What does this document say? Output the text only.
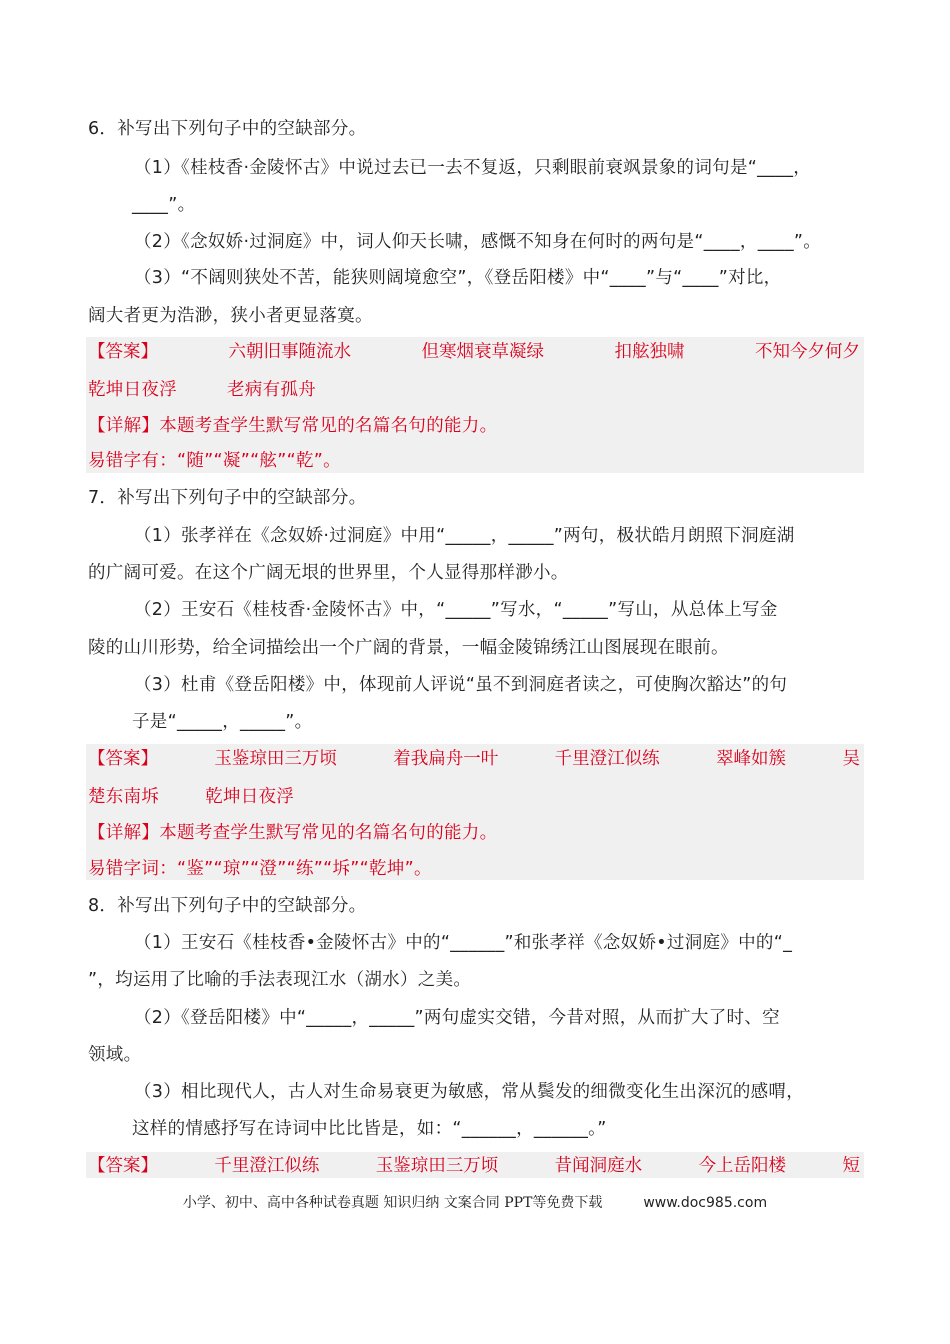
6．补写出下列句子中的空缺部分。
（1）《桂枝香·金陵怀古》中说过去已一去不复返，只剩眼前衰飒景象的词句是“____，
____”。
（2）《念奴娇·过洞庭》中，词人仰天长啸，感慨不知身在何时的两句是“____，____”。
（3）“不阔则狭处不苦，能狭则阔境愈空”，《登岳阳楼》中“____”与“____”对比，
阔大者更为浩渺，狭小者更显落寞。
【答案】	六朝旧事随流水	但寒烟衰草凝绿	扣舷独啸	不知今夕何夕
乾坤日夜浮	老病有孤舟
【详解】本题考查学生默写常见的名篇名句的能力。
易错字有：“随”“凝”“舷”“乾”。
7．补写出下列句子中的空缺部分。
（1）张孝祥在《念奴娇·过洞庭》中用“_____，_____”两句，极状皓月朗照下洞庭湖
的广阔可爱。在这个广阔无垠的世界里，个人显得那样渺小。
（2）王安石《桂枝香·金陵怀古》中，“_____”写水，“_____”写山，从总体上写金
陵的山川形势，给全词描绘出一个广阔的背景，一幅金陵锦绣江山图展现在眼前。
（3）杜甫《登岳阳楼》中，体现前人评说“虽不到洞庭者读之，可使胸次豁达”的句
子是“_____，_____”。
【答案】	玉鉴琼田三万顷	着我扁舟一叶	千里澄江似练	翠峰如簇	吴
楚东南坼	乾坤日夜浮
【详解】本题考查学生默写常见的名篇名句的能力。
易错字词：“鉴”“琼”“澄”“练”“坼”“乾坤”。
8．补写出下列句子中的空缺部分。
（1）王安石《桂枝香•金陵怀古》中的“______”和张孝祥《念奴娇•过洞庭》中的“_
”，均运用了比喻的手法表现江水（湖水）之美。
（2）《登岳阳楼》中“_____，_____”两句虚实交错，今昔对照，从而扩大了时、空
领域。
（3）相比现代人，古人对生命易衰更为敏感，常从鬓发的细微变化生出深沉的感喟，
这样的情感抒写在诗词中比比皆是，如：“______，______。”
【答案】	千里澄江似练	玉鉴琼田三万顷	昔闻洞庭水	今上岳阳楼	短
小学、初中、高中各种试卷真题 知识归纳 文案合同 PPT等免费下载	www.doc985.com
